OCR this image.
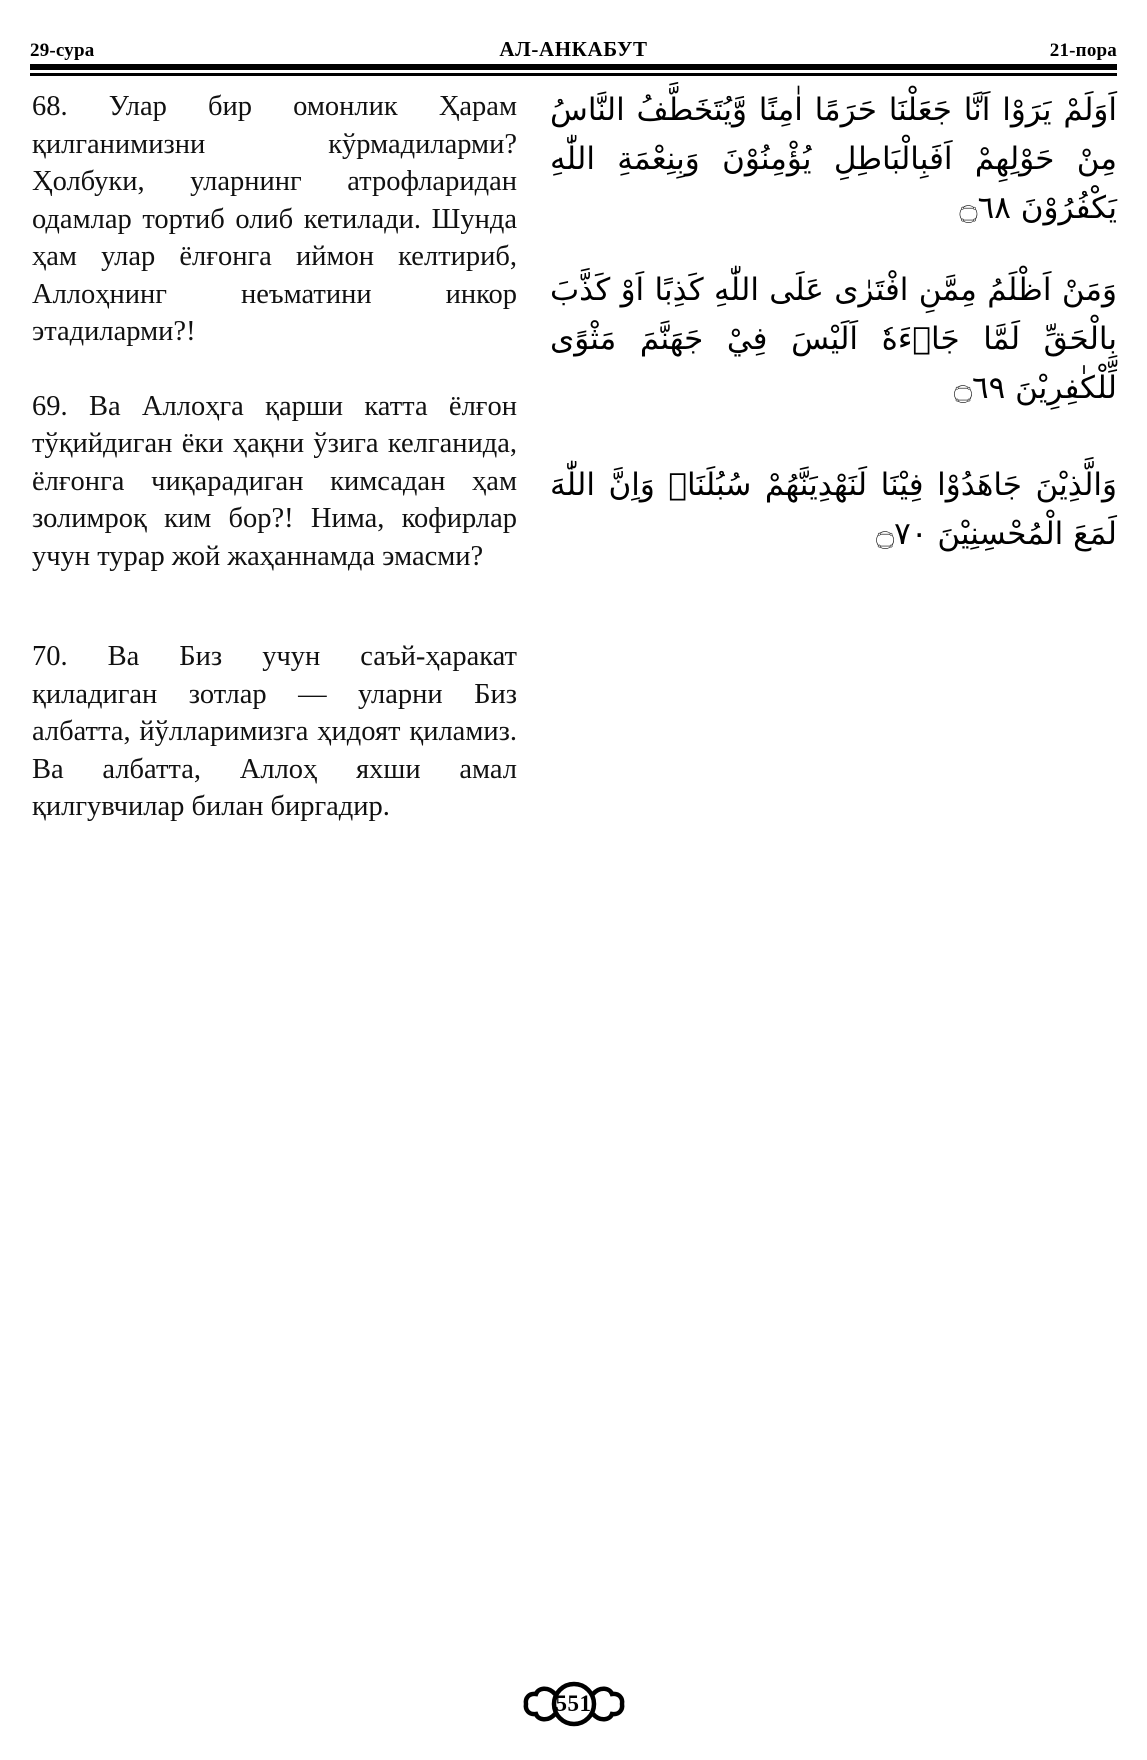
29-сура	АЛ-АНКАБУТ	21-пора

68. Улар бир омонлик Ҳарам қилганимизни кўрмадиларми? Ҳолбуки, уларнинг атрофларидан одамлар тортиб олиб кетилади. Шунда ҳам улар ёлғонга иймон келтириб, Аллоҳнинг неъматини инкор этадиларми?!

69. Ва Аллоҳга қарши катта ёлғон тўқийдиган ёки ҳақни ўзига келганида, ёлғонга чиқарадиган кимсадан ҳам золимроқ ким бор?! Нима, кофирлар учун турар жой жаҳаннамда эмасми?

70. Ва Биз учун саъй-ҳаракат қиладиган зотлар — уларни Биз албатта, йўлларимизга ҳидоят қиламиз. Ва албатта, Аллоҳ яхши амал қилгувчилар билан биргадир.

اَوَلَمْ يَرَوْا اَنَّا جَعَلْنَا حَرَمًا اٰمِنًا وَّيُتَخَطَّفُ النَّاسُ مِنْ حَوْلِهِمْ اَفَبِالْبَاطِلِ يُؤْمِنُوْنَ وَبِنِعْمَةِ اللّٰهِ يَكْفُرُوْنَ ۝٦٨

وَمَنْ اَظْلَمُ مِمَّنِ افْتَرٰى عَلَى اللّٰهِ كَذِبًا اَوْ كَذَّبَ بِالْحَقِّ لَمَّا جَاۤءَهٗ اَلَيْسَ فِيْ جَهَنَّمَ مَثْوًى لِّلْكٰفِرِيْنَ ۝٦٩

وَالَّذِيْنَ جَاهَدُوْا فِيْنَا لَنَهْدِيَنَّهُمْ سُبُلَنَاۗ وَاِنَّ اللّٰهَ لَمَعَ الْمُحْسِنِيْنَ ۝٧٠

551
